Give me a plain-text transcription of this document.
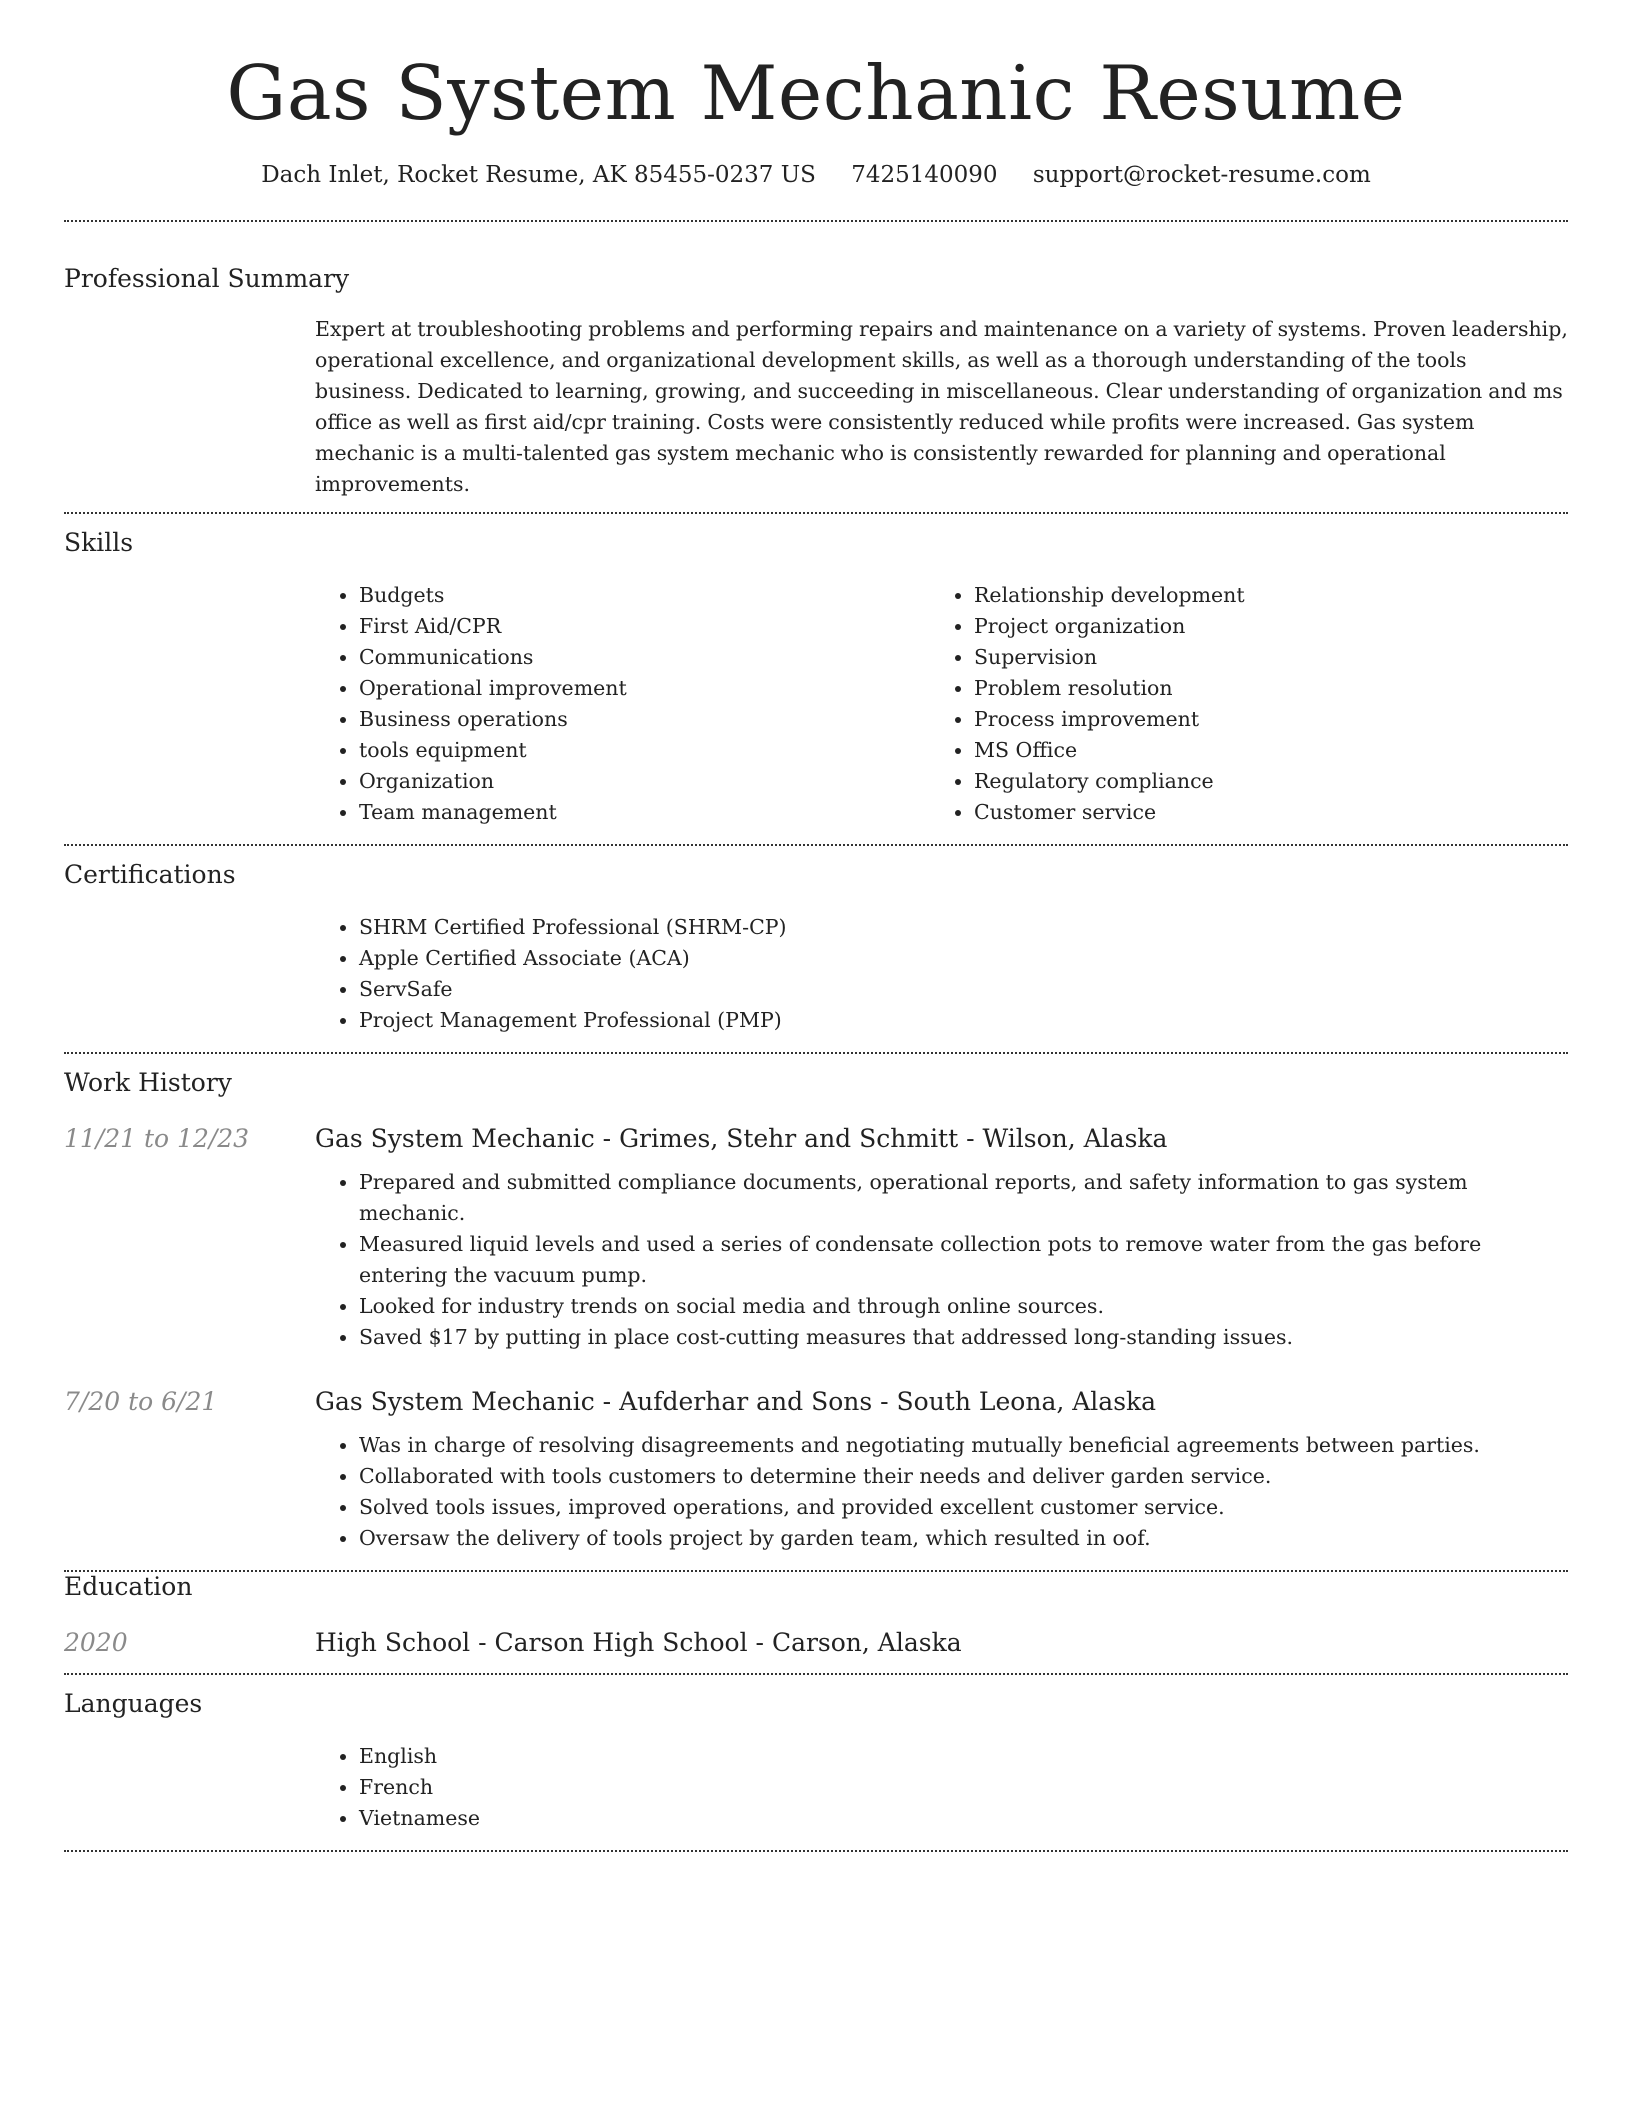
Gas System Mechanic Resume
Dach Inlet, Rocket Resume, AK 85455-0237 US 7425140090 support@rocket-resume.com
Professional Summary

Expert at troubleshooting problems and performing repairs and maintenance on a variety of systems. Proven leadership, operational excellence, and organizational development skills, as well as a thorough understanding of the tools business. Dedicated to learning, growing, and succeeding in miscellaneous. Clear understanding of organization and ms office as well as first aid/cpr training. Costs were consistently reduced while profits were increased. Gas system mechanic is a multi-talented gas system mechanic who is consistently rewarded for planning and operational improvements.

Skills
• Budgets
• First Aid/CPR
• Communications
• Operational improvement
• Business operations
• tools equipment
• Organization
• Team management
• Relationship development
• Project organization
• Supervision
• Problem resolution
• Process improvement
• MS Office
• Regulatory compliance
• Customer service
Certifications
• SHRM Certified Professional (SHRM-CP)
• Apple Certified Associate (ACA)
• ServSafe
• Project Management Professional (PMP)
Work History
11/21 to 12/23	Gas System Mechanic - Grimes, Stehr and Schmitt - Wilson, Alaska
• Prepared and submitted compliance documents, operational reports, and safety information to gas system mechanic.
• Measured liquid levels and used a series of condensate collection pots to remove water from the gas before entering the vacuum pump.
• Looked for industry trends on social media and through online sources.
• Saved $17 by putting in place cost-cutting measures that addressed long-standing issues.
7/20 to 6/21	Gas System Mechanic - Aufderhar and Sons - South Leona, Alaska
• Was in charge of resolving disagreements and negotiating mutually beneficial agreements between parties.
• Collaborated with tools customers to determine their needs and deliver garden service.
• Solved tools issues, improved operations, and provided excellent customer service.
• Oversaw the delivery of tools project by garden team, which resulted in oof.
Education
2020	High School - Carson High School - Carson, Alaska
Languages
• English
• French
• Vietnamese
